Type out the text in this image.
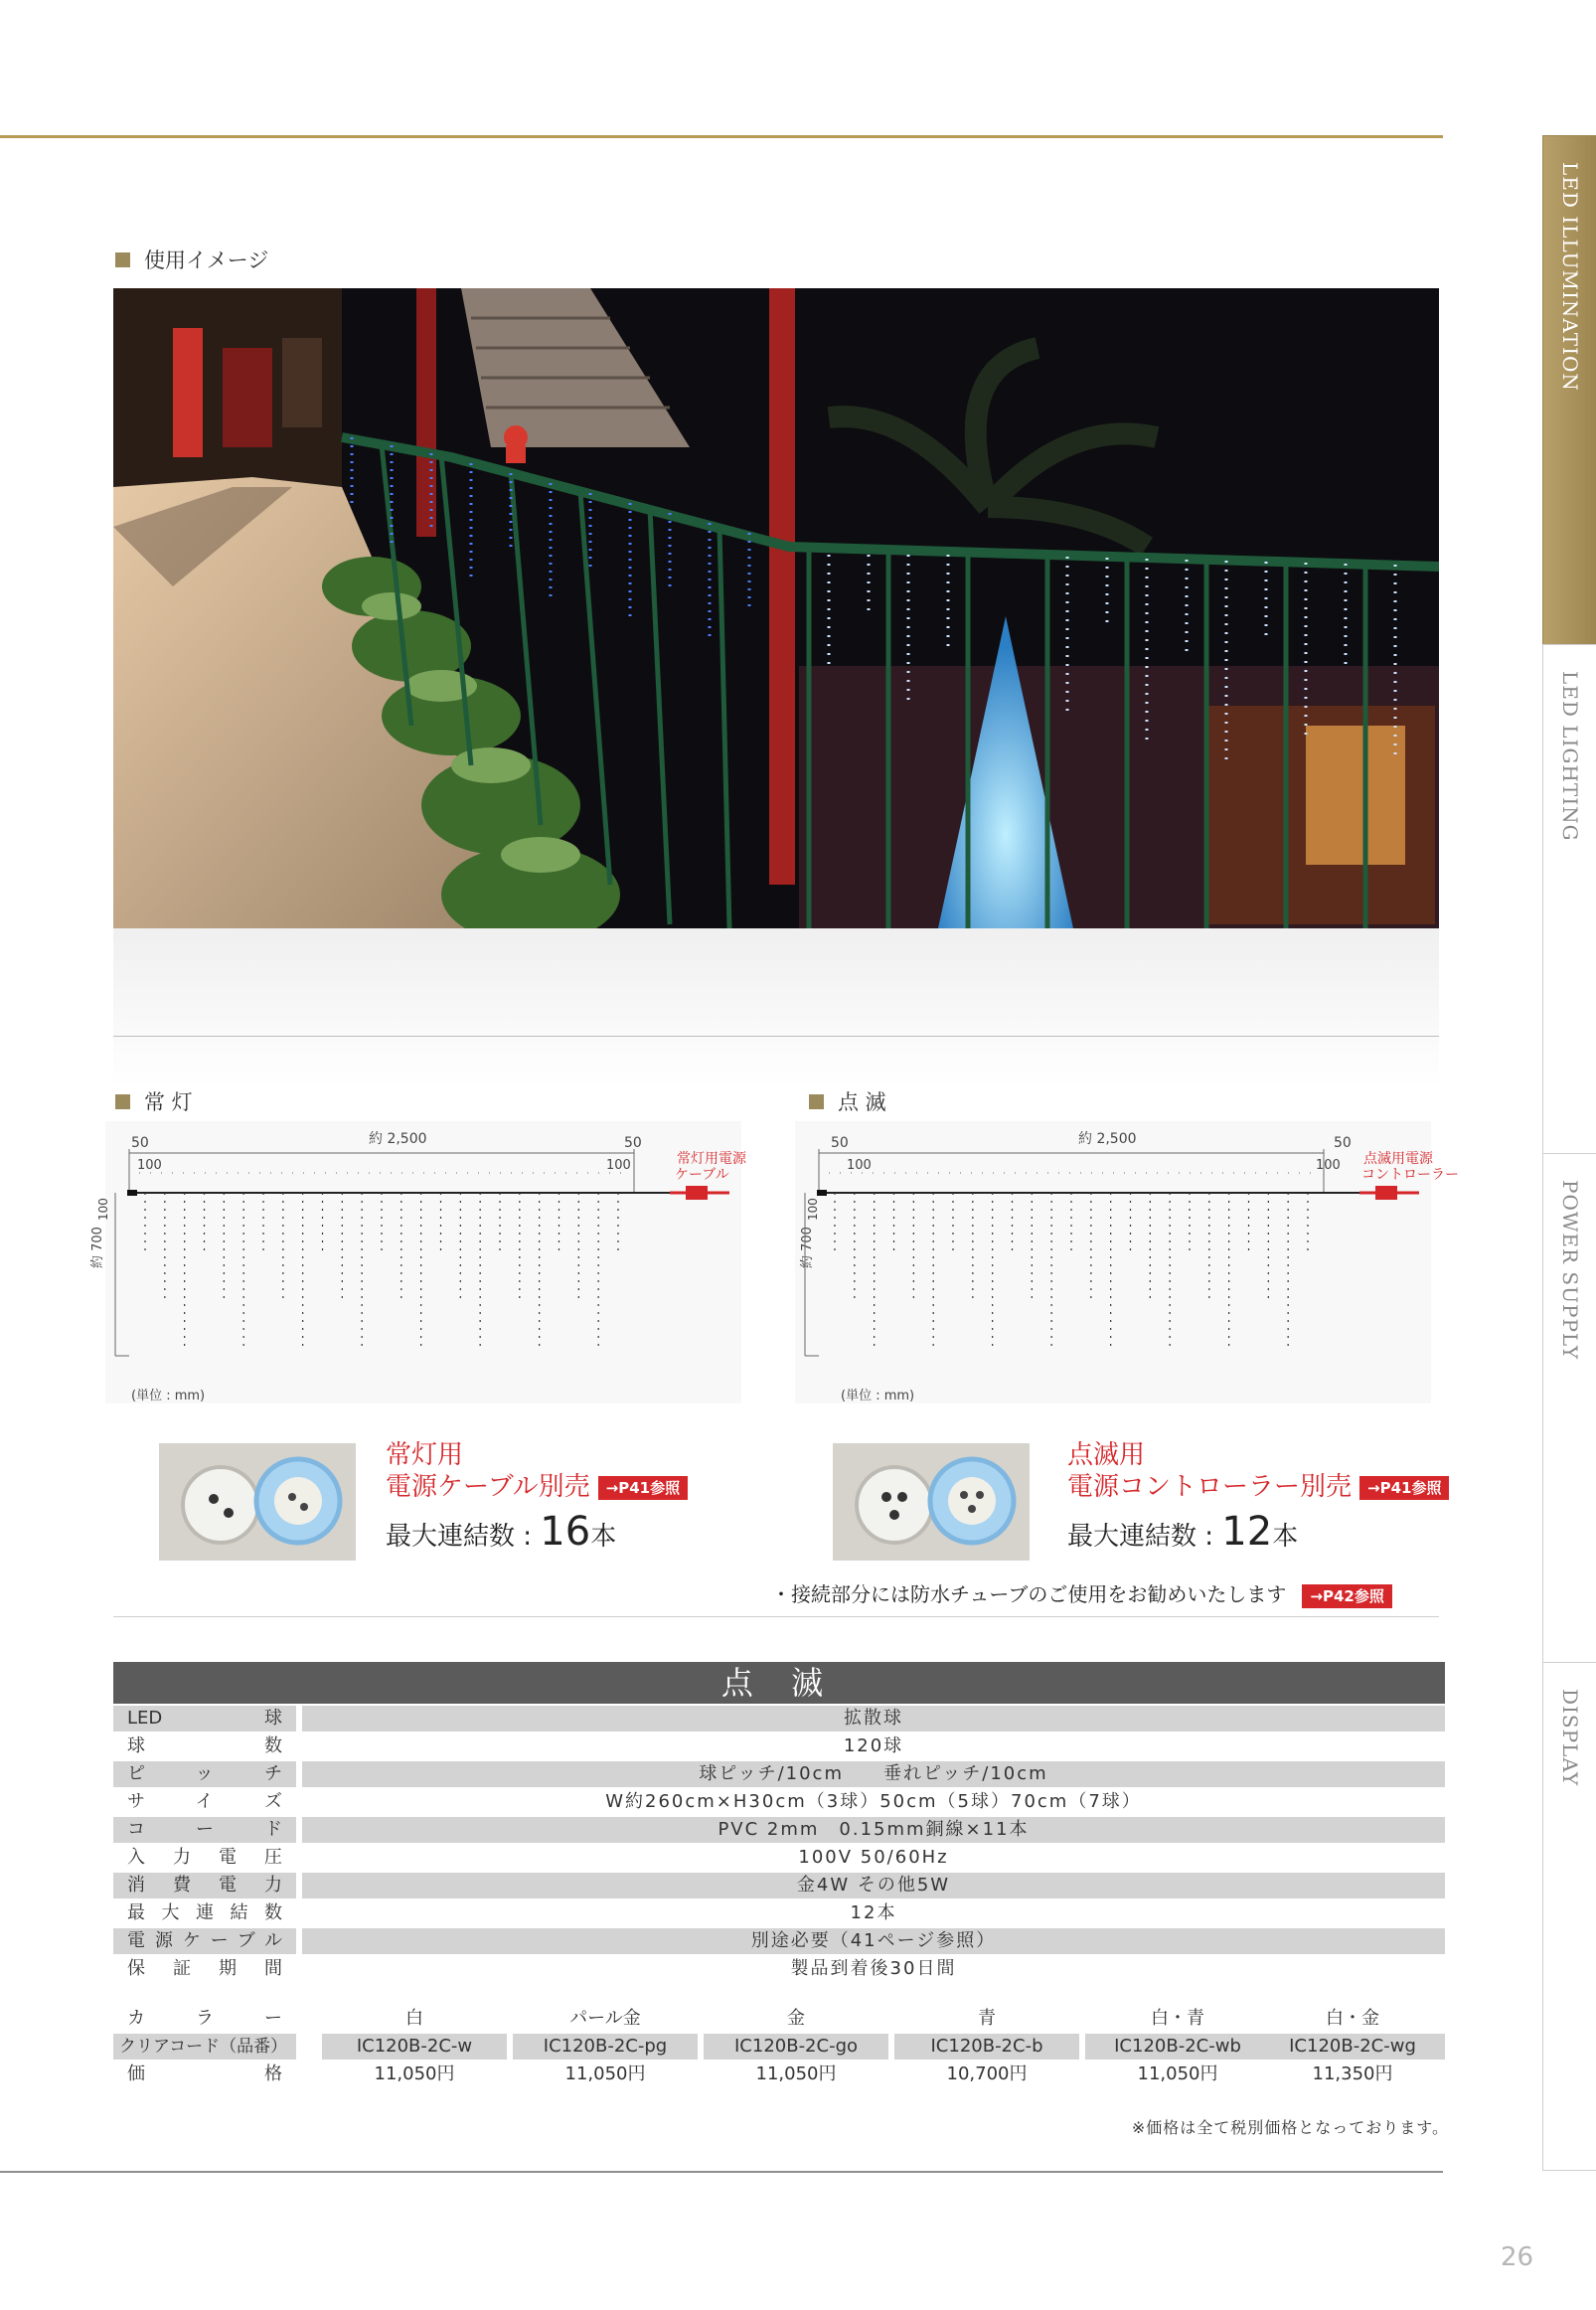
LED ILLUMINATION
LED LIGHTING
POWER SUPPLY
DISPLAY
使用イメージ
常 灯	点 滅
50	約 2,500	50
100	100	常灯用電源
ケーブル
約 700
100
(単位 : mm)
50	約 2,500	50
100	100 点滅用電源
コントローラー
約 700
100
(単位 : mm)
常灯用
電源ケーブル別売 →P41参照
最大連結数 : 16本
点滅用
電源コントローラー別売 →P41参照
最大連結数 : 12本
・接続部分には防水チューブのご使用をお勧めいたします →P42参照
点 滅
LED球	拡散球
球数	120球
ピッチ	球ピッチ/10cm　　垂れピッチ/10cm
サイズ	W約260cm×H30cm（3球）50cm（5球）70cm（7球）
コード	PVC 2mm　0.15mm銅線×11本
入力電圧	100V 50/60Hz
消費電力	金4W その他5W
最大連結数	12本
電源ケーブル	別途必要（41ページ参照）
保証期間	製品到着後30日間
カラー	白	パール金	金	青	白・青	白・金
クリアコード（品番）	IC120B-2C-w	IC120B-2C-pg	IC120B-2C-go	IC120B-2C-b	IC120B-2C-wb	IC120B-2C-wg
価格	11,050円	11,050円	11,050円	10,700円	11,050円	11,350円
※価格は全て税別価格となっております。
26
